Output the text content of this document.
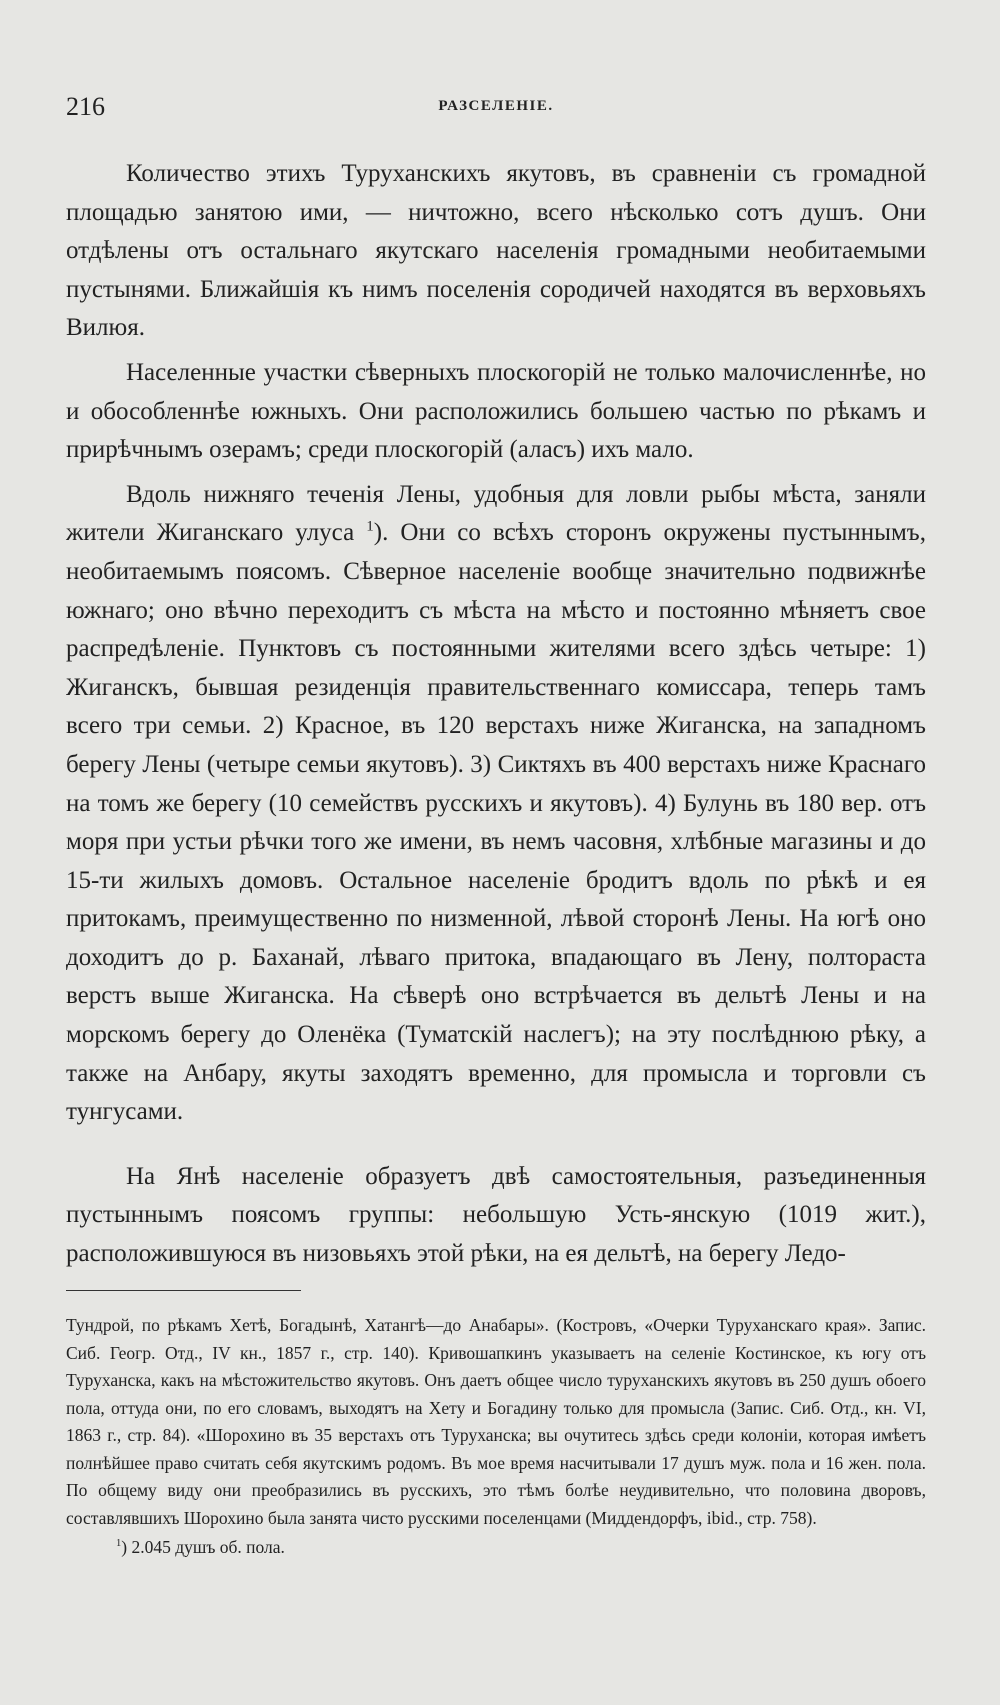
216	РАЗСЕЛЕНІЕ.

Количество этихъ Туруханскихъ якутовъ, въ сравненіи съ громадной площадью занятою ими, — ничтожно, всего нѣсколько сотъ душъ. Они отдѣлены отъ остальнаго якутскаго населенія громадными необитаемыми пустынями. Ближайшія къ нимъ поселенія сородичей находятся въ верховьяхъ Вилюя.

Населенные участки сѣверныхъ плоскогорій не только малочисленнѣе, но и обособленнѣе южныхъ. Они расположились большею частью по рѣкамъ и прирѣчнымъ озерамъ; среди плоскогорій (аласъ) ихъ мало.

Вдоль нижняго теченія Лены, удобныя для ловли рыбы мѣста, заняли жители Жиганскаго улуса $^1$). Они со всѣхъ сторонъ окружены пустыннымъ, необитаемымъ поясомъ. Сѣверное населеніе вообще значительно подвижнѣе южнаго; оно вѣчно переходитъ съ мѣста на мѣсто и постоянно мѣняетъ свое распредѣленіе. Пунктовъ съ постоянными жителями всего здѣсь четыре: 1) Жиганскъ, бывшая резиденція правительственнаго комиссара, теперь тамъ всего три семьи. 2) Красное, въ 120 верстахъ ниже Жиганска, на западномъ берегу Лены (четыре семьи якутовъ). 3) Сиктяхъ въ 400 верстахъ ниже Краснаго на томъ же берегу (10 семействъ русскихъ и якутовъ). 4) Булунь въ 180 вер. отъ моря при устьи рѣчки того же имени, въ немъ часовня, хлѣбные магазины и до 15-ти жилыхъ домовъ. Остальное населеніе бродитъ вдоль по рѣкѣ и ея притокамъ, преимущественно по низменной, лѣвой сторонѣ Лены. На югѣ оно доходитъ до р. Баханай, лѣваго притока, впадающаго въ Лену, полтораста верстъ выше Жиганска. На сѣверѣ оно встрѣчается въ дельтѣ Лены и на морскомъ берегу до Оленёка (Туматскій наслегъ); на эту послѣднюю рѣку, а также на Анбару, якуты заходятъ временно, для промысла и торговли съ тунгусами.

На Янѣ населеніе образуетъ двѣ самостоятельныя, разъединенныя пустыннымъ поясомъ группы: небольшую Усть-янскую (1019 жит.), расположившуюся въ низовьяхъ этой рѣки, на ея дельтѣ, на берегу Ледо-

Тундрой, по рѣкамъ Хетѣ, Богадынѣ, Хатангѣ—до Анабары». (Костровъ, «Очерки Туруханскаго края». Запис. Сиб. Геогр. Отд., IV кн., 1857 г., стр. 140). Кривошапкинъ указываетъ на селеніе Костинское, къ югу отъ Туруханска, какъ на мѣстожительство якутовъ. Онъ даетъ общее число туруханскихъ якутовъ въ 250 душъ обоего пола, оттуда они, по его словамъ, выходятъ на Хету и Богадину только для промысла (Запис. Сиб. Отд., кн. VI, 1863 г., стр. 84). «Шорохино въ 35 верстахъ отъ Туруханска; вы очутитесь здѣсь среди колоніи, которая имѣетъ полнѣйшее право считать себя якутскимъ родомъ. Въ мое время насчитывали 17 душъ муж. пола и 16 жен. пола. По общему виду они преобразились въ русскихъ, это тѣмъ болѣе неудивительно, что половина дворовъ, составлявшихъ Шорохино была занята чисто русскими поселенцами (Миддендорфъ, ibid., стр. 758).

$^1$) 2.045 душъ об. пола.
